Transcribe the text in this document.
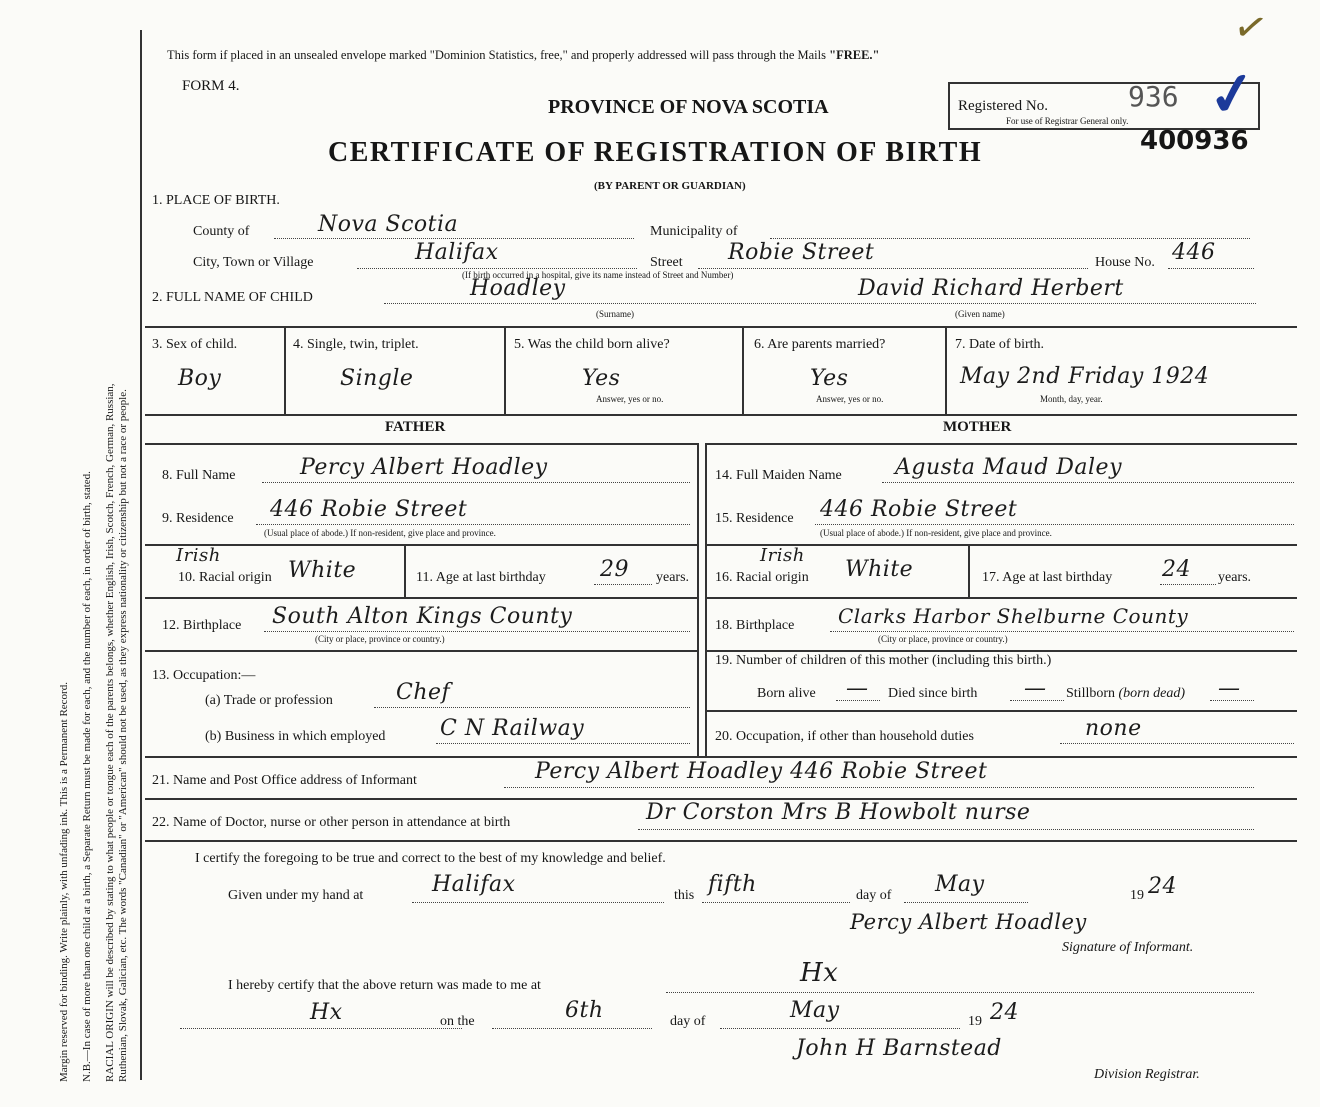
Margin reserved for binding. Write plainly, with unfading ink. This is a Permanent Record. N.B.—In case of more than one child at a birth, a Separate Return must be made for each, and the number of each, in order of birth, stated. RACIAL ORIGIN will be described by stating to what people or tongue each of the parents belongs, whether English, Irish, Scotch, French, German, Russian, Ruthenian, Slovak, Galician, etc. The words "Canadian" or "American" should not be used, as they express nationality or citizenship but not a race or people.
This form if placed in an unsealed envelope marked "Dominion Statistics, free," and properly addressed will pass through the Mails "FREE."
FORM 4.
PROVINCE OF NOVA SCOTIA
CERTIFICATE OF REGISTRATION OF BIRTH
(BY PARENT OR GUARDIAN)
Registered No.	936
For use of Registrar General only.
400936
✓
✓
1. PLACE OF BIRTH.
County of	Nova Scotia	Municipality of
City, Town or Village	Halifax	Street Robie Street	House No. 446
(If birth occurred in a hospital, give its name instead of Street and Number)
2. FULL NAME OF CHILD	Hoadley
(Surname)
David Richard Herbert
(Given name)
3. Sex of child.
Boy
4. Single, twin, triplet.
Single
5. Was the child born alive?
Yes
Answer, yes or no.
6. Are parents married?
Yes
Answer, yes or no.
7. Date of birth.
May 2nd Friday 1924
Month, day, year.
FATHER	MOTHER
8. Full Name	Percy Albert Hoadley
9. Residence 446 Robie Street
(Usual place of abode.) If non-resident, give place and province.
Irish
10. Racial origin White	11. Age at last birthday 29 years.
12. Birthplace South Alton Kings County
(City or place, province or country.)
13. Occupation:—
(a) Trade or profession	Chef
(b) Business in which employed C N Railway
14. Full Maiden Name Agusta Maud Daley
15. Residence 446 Robie Street
(Usual place of abode.) If non-resident, give place and province.
Irish
16. Racial origin White	17. Age at last birthday 24 years.
18. Birthplace Clarks Harbor Shelburne County
(City or place, province or country.)
19. Number of children of this mother (including this birth.)
Born alive — Died since birth — Stillborn (born dead) —
20. Occupation, if other than household duties	none
21. Name and Post Office address of Informant	Percy Albert Hoadley 446 Robie Street
22. Name of Doctor, nurse or other person in attendance at birth	Dr Corston Mrs B Howbolt nurse
I certify the foregoing to be true and correct to the best of my knowledge and belief.
Given under my hand at	Halifax	this fifth	day of May	19 24
Percy Albert Hoadley
Signature of Informant.
I hereby certify that the above return was made to me at	Hx
Hx	on the	6th	day of	May	19 24
John H Barnstead
Division Registrar.
